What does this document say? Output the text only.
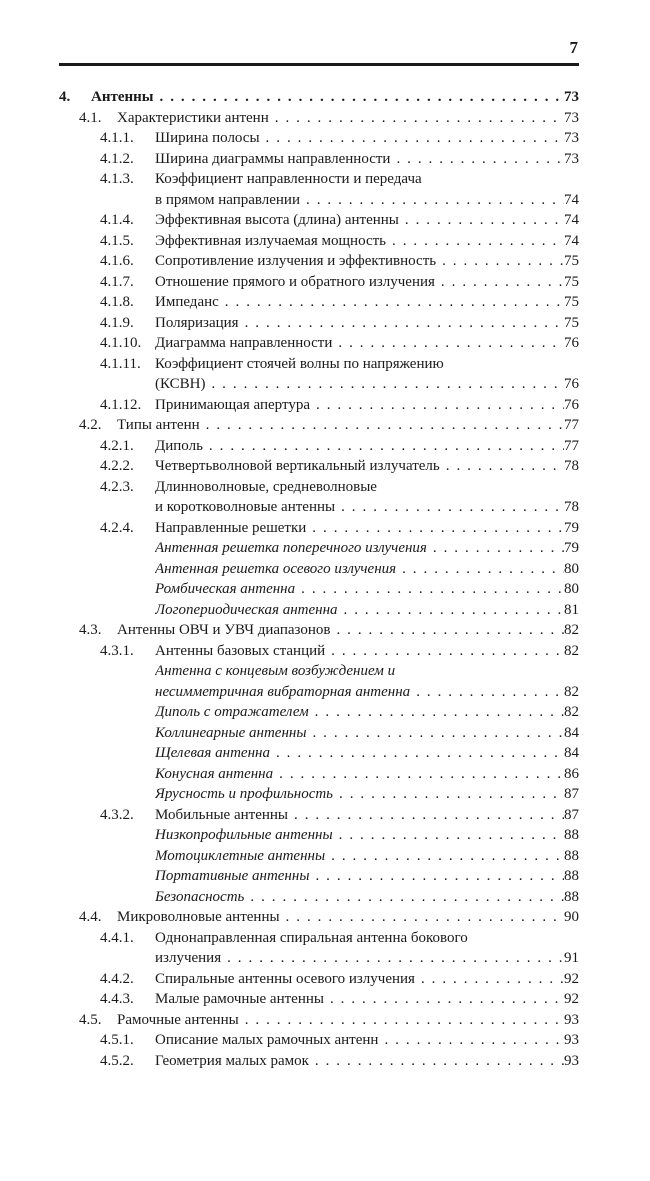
7
4. Антенны . . .	73
4.1. Характеристики антенн . . .	73
4.1.1. Ширина полосы . . .	73
4.1.2. Ширина диаграммы направленности . . .	73
4.1.3. Коэффициент направленности и передача
в прямом направлении . . .	74
4.1.4. Эффективная высота (длина) антенны . . .	74
4.1.5. Эффективная излучаемая мощность . . .	74
4.1.6. Сопротивление излучения и эффективность . . .	75
4.1.7. Отношение прямого и обратного излучения . . .	75
4.1.8. Импеданс . . .	75
4.1.9. Поляризация . . .	75
4.1.10. Диаграмма направленности . . .	76
4.1.11. Коэффициент стоячей волны по напряжению
(КСВН) . . .	76
4.1.12. Принимающая апертура . . .	76
4.2. Типы антенн . . .	77
4.2.1. Диполь . . .	77
4.2.2. Четвертьволновой вертикальный излучатель . . .	78
4.2.3. Длинноволновые, средневолновые
и коротковолновые антенны . . .	78
4.2.4. Направленные решетки . . .	79
Антенная решетка поперечного излучения . . .	79
Антенная решетка осевого излучения . . .	80
Ромбическая антенна . . .	80
Логопериодическая антенна . . .	81
4.3. Антенны ОВЧ и УВЧ диапазонов . . .	82
4.3.1. Антенны базовых станций . . .	82
Антенна с концевым возбуждением и
несимметричная вибраторная антенна . . .	82
Диполь с отражателем . . .	82
Коллинеарные антенны . . .	84
Щелевая антенна . . .	84
Конусная антенна . . .	86
Ярусность и профильность . . .	87
4.3.2. Мобильные антенны . . .	87
Низкопрофильные антенны . . .	88
Мотоциклетные антенны . . .	88
Портативные антенны . . .	88
Безопасность . . .	88
4.4. Микроволновые антенны . . .	90
4.4.1. Однонаправленная спиральная антенна бокового
излучения . . .	91
4.4.2. Спиральные антенны осевого излучения . . .	92
4.4.3. Малые рамочные антенны . . .	92
4.5. Рамочные антенны . . .	93
4.5.1. Описание малых рамочных антенн . . .	93
4.5.2. Геометрия малых рамок . . .	93
